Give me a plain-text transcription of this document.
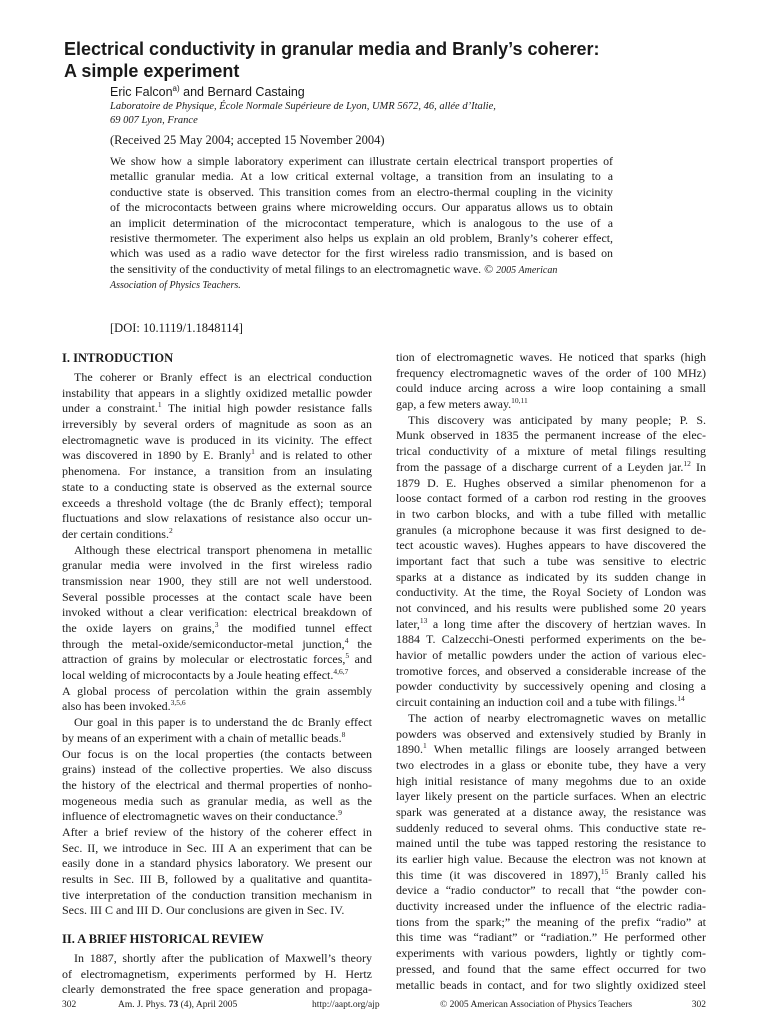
Electrical conductivity in granular media and Branly’s coherer:
A simple experiment
Eric Falcon$^{a)}$ and Bernard Castaing
Laboratoire de Physique, École Normale Supérieure de Lyon, UMR 5672, 46, allée d’Italie,
69 007 Lyon, France
(Received 25 May 2004; accepted 15 November 2004)
We show how a simple laboratory experiment can illustrate certain electrical transport properties of
metallic granular media. At a low critical external voltage, a transition from an insulating to a
conductive state is observed. This transition comes from an electro-thermal coupling in the vicinity
of the microcontacts between grains where microwelding occurs. Our apparatus allows us to obtain
an implicit determination of the microcontact temperature, which is analogous to the use of a
resistive thermometer. The experiment also helps us explain an old problem, Branly’s coherer effect,
which was used as a radio wave detector for the first wireless radio transmission, and is based on
the sensitivity of the conductivity of metal filings to an electromagnetic wave. © 2005 American
Association of Physics Teachers.
[DOI: 10.1119/1.1848114]
I. INTRODUCTION
The coherer or Branly effect is an electrical conduction
instability that appears in a slightly oxidized metallic powder
under a constraint.$^1$ The initial high powder resistance falls
irreversibly by several orders of magnitude as soon as an
electromagnetic wave is produced in its vicinity. The effect
was discovered in 1890 by E. Branly$^1$ and is related to other
phenomena. For instance, a transition from an insulating
state to a conducting state is observed as the external source
exceeds a threshold voltage (the dc Branly effect); temporal
fluctuations and slow relaxations of resistance also occur un-
der certain conditions.$^2$
Although these electrical transport phenomena in metallic
granular media were involved in the first wireless radio
transmission near 1900, they still are not well understood.
Several possible processes at the contact scale have been
invoked without a clear verification: electrical breakdown of
the oxide layers on grains,$^3$ the modified tunnel effect
through the metal-oxide/semiconductor-metal junction,$^4$ the
attraction of grains by molecular or electrostatic forces,$^5$ and
local welding of microcontacts by a Joule heating effect.$^{4,6,7}$
A global process of percolation within the grain assembly
also has been invoked.$^{3,5,6}$
Our goal in this paper is to understand the dc Branly effect
by means of an experiment with a chain of metallic beads.$^8$
Our focus is on the local properties (the contacts between
grains) instead of the collective properties. We also discuss
the history of the electrical and thermal properties of nonho-
mogeneous media such as granular media, as well as the
influence of electromagnetic waves on their conductance.$^9$
After a brief review of the history of the coherer effect in
Sec. II, we introduce in Sec. III A an experiment that can be
easily done in a standard physics laboratory. We present our
results in Sec. III B, followed by a qualitative and quantita-
tive interpretation of the conduction transition mechanism in
Secs. III C and III D. Our conclusions are given in Sec. IV.
II. A BRIEF HISTORICAL REVIEW
In 1887, shortly after the publication of Maxwell’s theory
of electromagnetism, experiments performed by H. Hertz
clearly demonstrated the free space generation and propaga-
tion of electromagnetic waves. He noticed that sparks (high
frequency electromagnetic waves of the order of 100 MHz)
could induce arcing across a wire loop containing a small
gap, a few meters away.$^{10,11}$
This discovery was anticipated by many people; P. S.
Munk observed in 1835 the permanent increase of the elec-
trical conductivity of a mixture of metal filings resulting
from the passage of a discharge current of a Leyden jar.$^{12}$ In
1879 D. E. Hughes observed a similar phenomenon for a
loose contact formed of a carbon rod resting in the grooves
in two carbon blocks, and with a tube filled with metallic
granules (a microphone because it was first designed to de-
tect acoustic waves). Hughes appears to have discovered the
important fact that such a tube was sensitive to electric
sparks at a distance as indicated by its sudden change in
conductivity. At the time, the Royal Society of London was
not convinced, and his results were published some 20 years
later,$^{13}$ a long time after the discovery of hertzian waves. In
1884 T. Calzecchi-Onesti performed experiments on the be-
havior of metallic powders under the action of various elec-
tromotive forces, and observed a considerable increase of the
powder conductivity by successively opening and closing a
circuit containing an induction coil and a tube with filings.$^{14}$
The action of nearby electromagnetic waves on metallic
powders was observed and extensively studied by Branly in
1890.$^1$ When metallic filings are loosely arranged between
two electrodes in a glass or ebonite tube, they have a very
high initial resistance of many megohms due to an oxide
layer likely present on the particle surfaces. When an electric
spark was generated at a distance away, the resistance was
suddenly reduced to several ohms. This conductive state re-
mained until the tube was tapped restoring the resistance to
its earlier high value. Because the electron was not known at
this time (it was discovered in 1897),$^{15}$ Branly called his
device a “radio conductor” to recall that “the powder con-
ductivity increased under the influence of the electric radia-
tions from the spark;” the meaning of the prefix “radio” at
this time was “radiant” or “radiation.” He performed other
experiments with various powders, lightly or tightly com-
pressed, and found that the same effect occurred for two
metallic beads in contact, and for two slightly oxidized steel
302	Am. J. Phys. 73 (4), April 2005	http://aapt.org/ajp	© 2005 American Association of Physics Teachers	302
